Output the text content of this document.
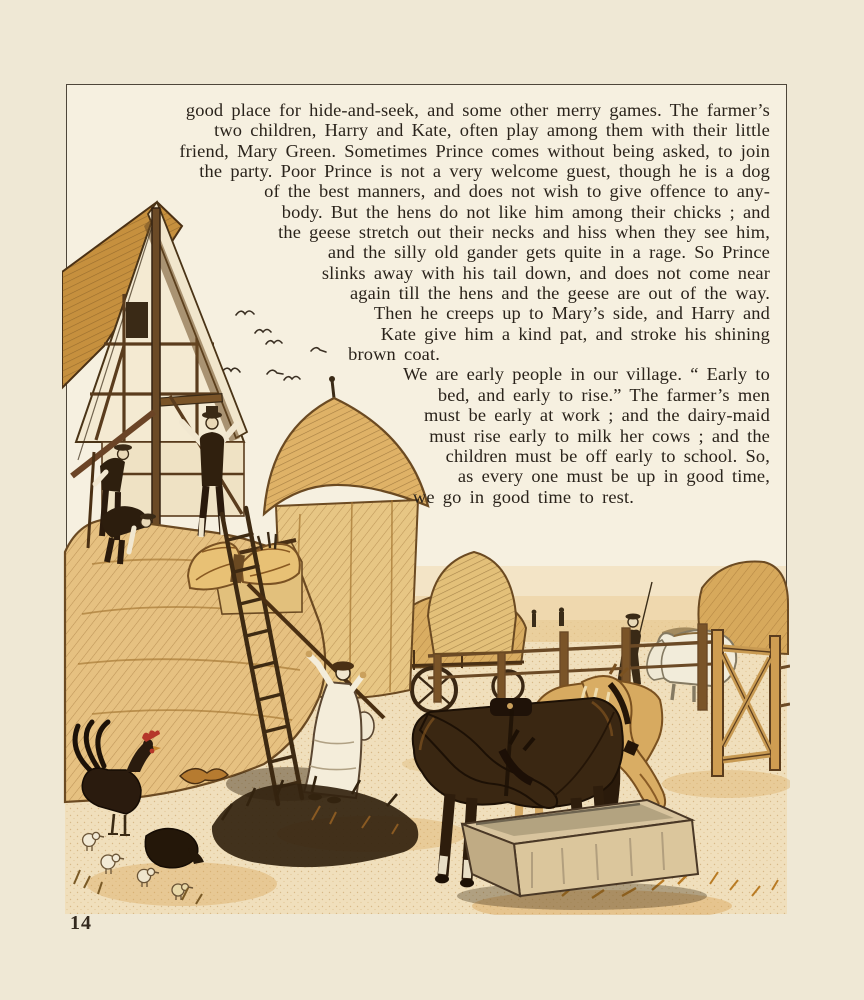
good place for hide-and-seek, and some other merry games. The farmer’s
two children, Harry and Kate, often play among them with their little
friend, Mary Green. Sometimes Prince comes without being asked, to join
the party. Poor Prince is not a very welcome guest, though he is a dog
of the best manners, and does not wish to give offence to any-
body. But the hens do not like him among their chicks ; and
the geese stretch out their necks and hiss when they see him,
and the silly old gander gets quite in a rage. So Prince
slinks away with his tail down, and does not come near
again till the hens and the geese are out of the way.
Then he creeps up to Mary’s side, and Harry and
Kate give him a kind pat, and stroke his shining
brown coat.
We are early people in our village. “ Early to
bed, and early to rise.” The farmer’s men
must be early at work ; and the dairy-maid
must rise early to milk her cows ; and the
children must be off early to school. So,
as every one must be up in good time,
we go in good time to rest.
14
